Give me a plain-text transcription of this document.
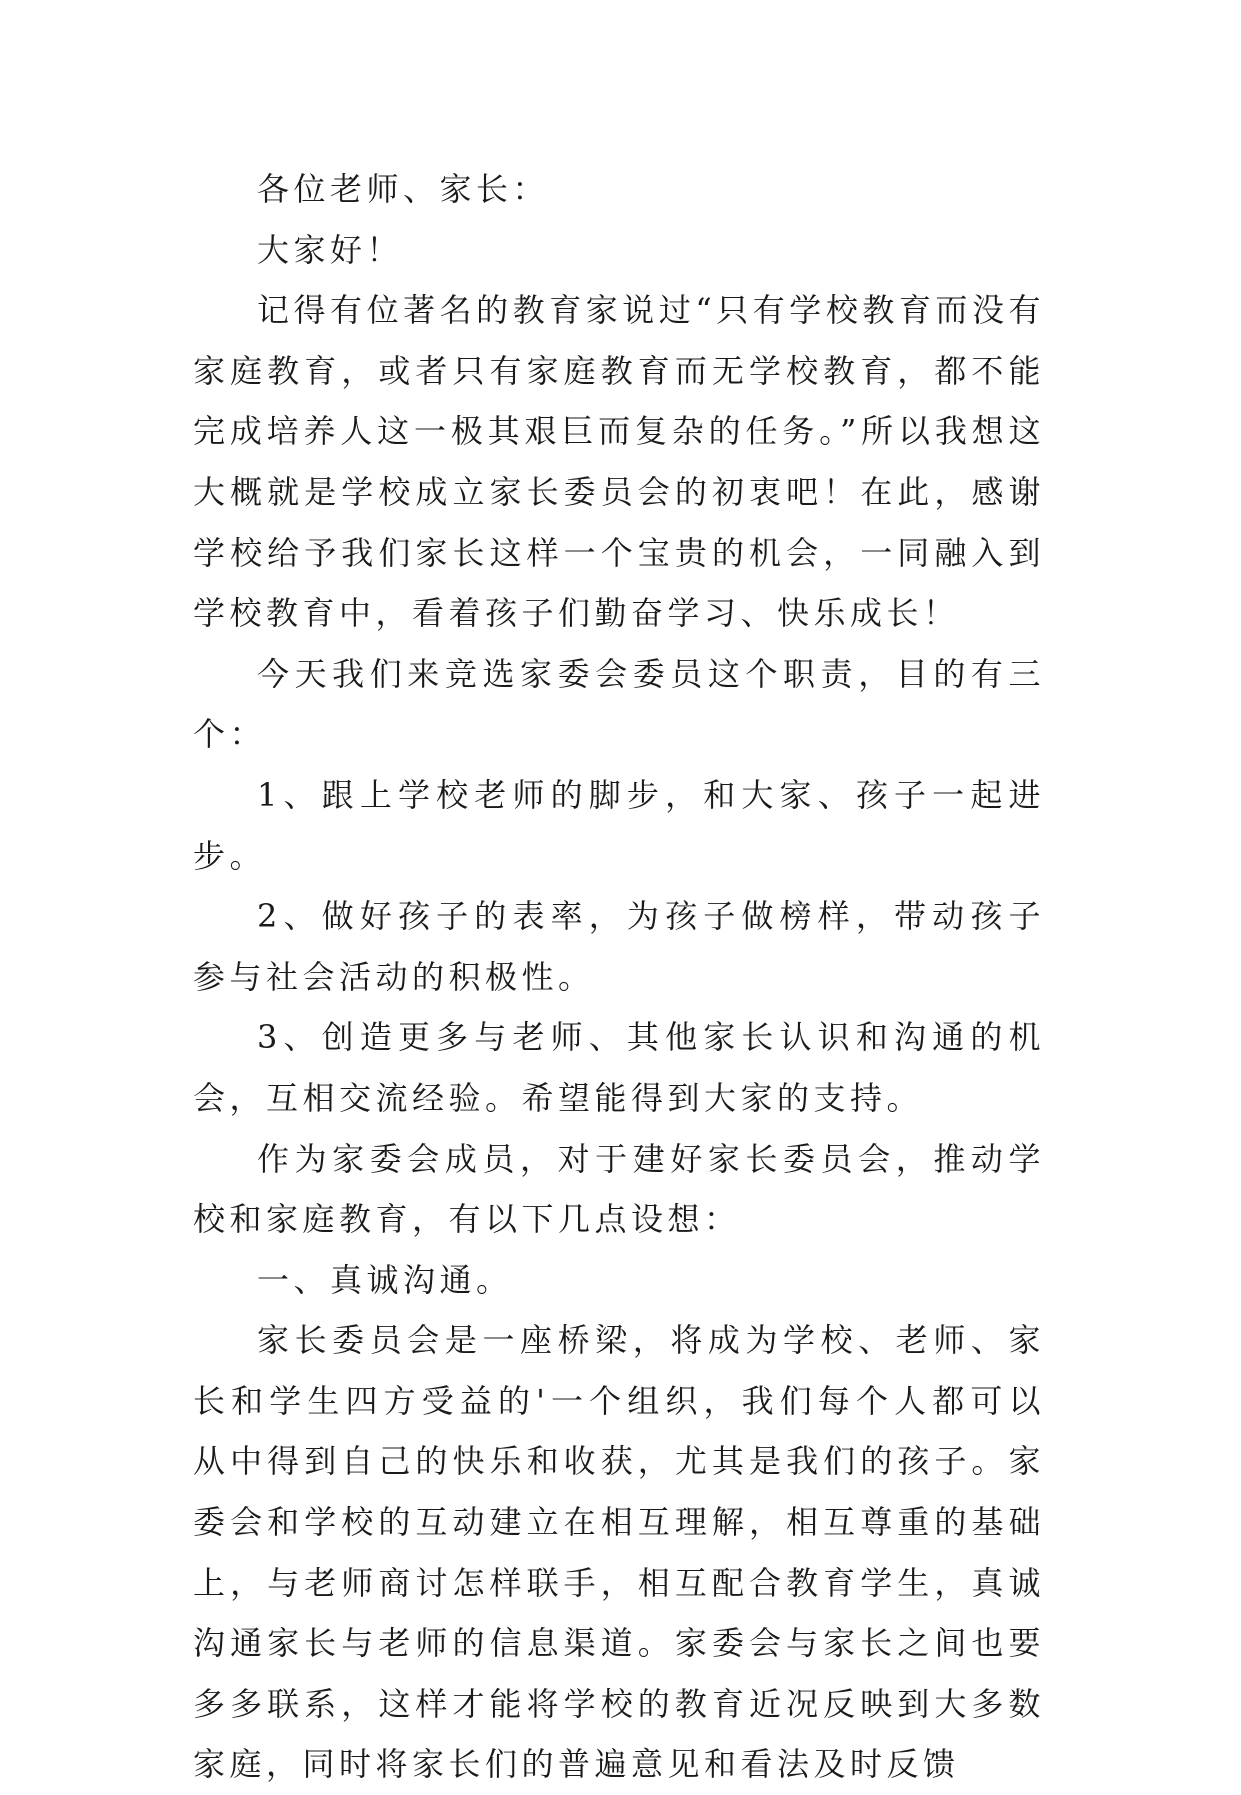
各位老师、家长：

大家好！

记得有位著名的教育家说过“只有学校教育而没有家庭教育，或者只有家庭教育而无学校教育，都不能完成培养人这一极其艰巨而复杂的任务。”所以我想这大概就是学校成立家长委员会的初衷吧！在此，感谢学校给予我们家长这样一个宝贵的机会，一同融入到学校教育中，看着孩子们勤奋学习、快乐成长！

今天我们来竞选家委会委员这个职责，目的有三个：

1、跟上学校老师的脚步，和大家、孩子一起进步。

2、做好孩子的表率，为孩子做榜样，带动孩子参与社会活动的积极性。

3、创造更多与老师、其他家长认识和沟通的机会，互相交流经验。希望能得到大家的支持。

作为家委会成员，对于建好家长委员会，推动学校和家庭教育，有以下几点设想：

一、真诚沟通。

家长委员会是一座桥梁，将成为学校、老师、家长和学生四方受益的'一个组织，我们每个人都可以从中得到自己的快乐和收获，尤其是我们的孩子。家委会和学校的互动建立在相互理解，相互尊重的基础上，与老师商讨怎样联手，相互配合教育学生，真诚沟通家长与老师的信息渠道。家委会与家长之间也要多多联系，这样才能将学校的教育近况反映到大多数家庭，同时将家长们的普遍意见和看法及时反馈
